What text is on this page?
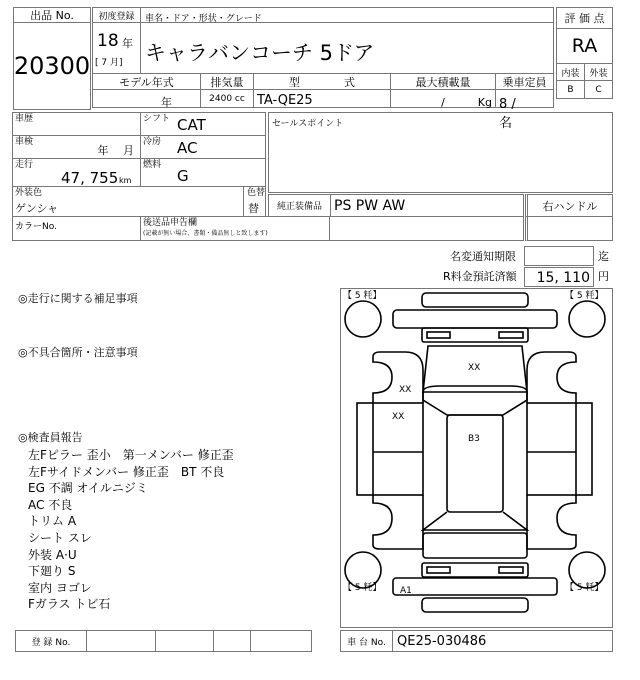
出品 No.
20300
初度登録
18 年
[ 7 月]
車名・ドア・形状・グレード
キャラバンコーチ 5ドア
モデル年式
年
排気量
2400 cc
型　　　　式
TA-QE25
最大積載量
/　　　Kg
乗車定員
8 /　　名
評 価 点
RA
内装	外装
B	C
車歴
車検
年　 月
走行
47, 755 km
シフト CAT
冷房 AC
燃料
G
外装色
ゲンシャ
色替
替
カラーNo.	後送品申告欄
(記載が無い場合、書類・備品無しと致します)
セールスポイント
純正装備品 PS PW AW	右ハンドル
名変通知期限	迄
R料金預託済額	15, 110 円
◎走行に関する補足事項
◎不具合箇所・注意事項
◎検査員報告
左Fピラー 歪小　第一メンバー 修正歪
左Fサイドメンバー 修正歪　BT 不良
EG 不調 オイルニジミ
AC 不良
トリム A
シート スレ
外装 A·U
下廻り S
室内 ヨゴレ
Fガラス トビ石
登 録 No.	車 台 No. QE25-030486
【 5 粍】	【 5 粍】
【 5 粍】	【 5 粍】
XX
XX
XX
B3
A1
